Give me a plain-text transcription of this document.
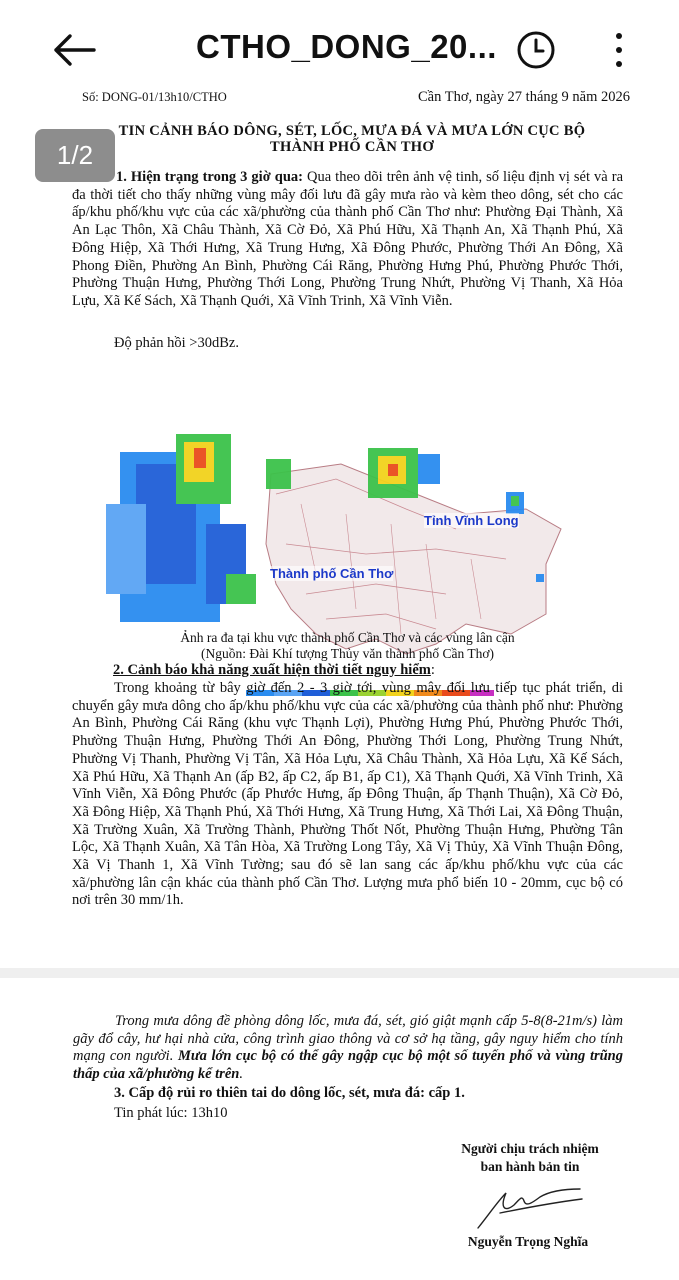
CTHO_DONG_20...
Số: DONG-01/13h10/CTHO	Cần Thơ, ngày 27 tháng 9 năm 2026
TIN CẢNH BÁO DÔNG, SÉT, LỐC, MƯA ĐÁ VÀ MƯA LỚN CỤC BỘ
THÀNH PHỐ CẦN THƠ
1. Hiện trạng trong 3 giờ qua: Qua theo dõi trên ảnh vệ tinh, số liệu định vị sét và ra đa thời tiết cho thấy những vùng mây đối lưu đã gây mưa rào và kèm theo dông, sét cho các ấp/khu phố/khu vực của các xã/phường của thành phố Cần Thơ như: Phường Đại Thành, Xã An Lạc Thôn, Xã Châu Thành, Xã Cờ Đỏ, Xã Phú Hữu, Xã Thạnh An, Xã Thạnh Phú, Xã Đông Hiệp, Xã Thới Hưng, Xã Trung Hưng, Xã Đông Phước, Phường Thới An Đông, Xã Phong Điền, Phường An Bình, Phường Cái Răng, Phường Hưng Phú, Phường Phước Thới, Phường Thuận Hưng, Phường Thới Long, Phường Trung Nhứt, Phường Vị Thanh, Xã Hỏa Lựu, Xã Kế Sách, Xã Thạnh Quới, Xã Vĩnh Trinh, Xã Vĩnh Viễn.
Độ phản hồi >30dBz.
Tỉnh Vĩnh Long
Thành phố Cần Thơ
Ảnh ra đa tại khu vực thành phố Cần Thơ và các vùng lân cận
(Nguồn: Đài Khí tượng Thủy văn thành phố Cần Thơ)
2. Cảnh báo khả năng xuất hiện thời tiết nguy hiểm:
Trong khoảng từ bây giờ đến 2 - 3 giờ tới, vùng mây đối lưu tiếp tục phát triển, di chuyển gây mưa dông cho ấp/khu phố/khu vực của các xã/phường của thành phố như: Phường An Bình, Phường Cái Răng (khu vực Thạnh Lợi), Phường Hưng Phú, Phường Phước Thới, Phường Thuận Hưng, Phường Thới An Đông, Phường Thới Long, Phường Trung Nhứt, Phường Vị Thanh, Phường Vị Tân, Xã Hỏa Lựu, Xã Châu Thành, Xã Hỏa Lựu, Xã Kế Sách, Xã Phú Hữu, Xã Thạnh An (ấp B2, ấp C2, ấp B1, ấp C1), Xã Thạnh Quới, Xã Vĩnh Trinh, Xã Vĩnh Viễn, Xã Đông Phước (ấp Phước Hưng, ấp Đông Thuận, ấp Thạnh Thuận), Xã Cờ Đỏ, Xã Đông Hiệp, Xã Thạnh Phú, Xã Thới Hưng, Xã Trung Hưng, Xã Thới Lai, Xã Đông Thuận, Xã Trường Xuân, Xã Trường Thành, Phường Thốt Nốt, Phường Thuận Hưng, Phường Tân Lộc, Xã Thạnh Xuân, Xã Tân Hòa, Xã Trường Long Tây, Xã Vị Thủy, Xã Vĩnh Thuận Đông, Xã Vị Thanh 1, Xã Vĩnh Tường; sau đó sẽ lan sang các ấp/khu phố/khu vực của các xã/phường lân cận khác của thành phố Cần Thơ. Lượng mưa phổ biến 10 - 20mm, cục bộ có nơi trên 30 mm/1h.
Trong mưa dông đề phòng dông lốc, mưa đá, sét, gió giật mạnh cấp 5-8(8-21m/s) làm gãy đổ cây, hư hại nhà cửa, công trình giao thông và cơ sở hạ tầng, gây nguy hiểm cho tính mạng con người. Mưa lớn cục bộ có thể gây ngập cục bộ một số tuyến phố và vùng trũng thấp của xã/phường kể trên.
3. Cấp độ rủi ro thiên tai do dông lốc, sét, mưa đá: cấp 1.
Tin phát lúc: 13h10
Người chịu trách nhiệm
ban hành bản tin
Nguyễn Trọng Nghĩa
1/2
